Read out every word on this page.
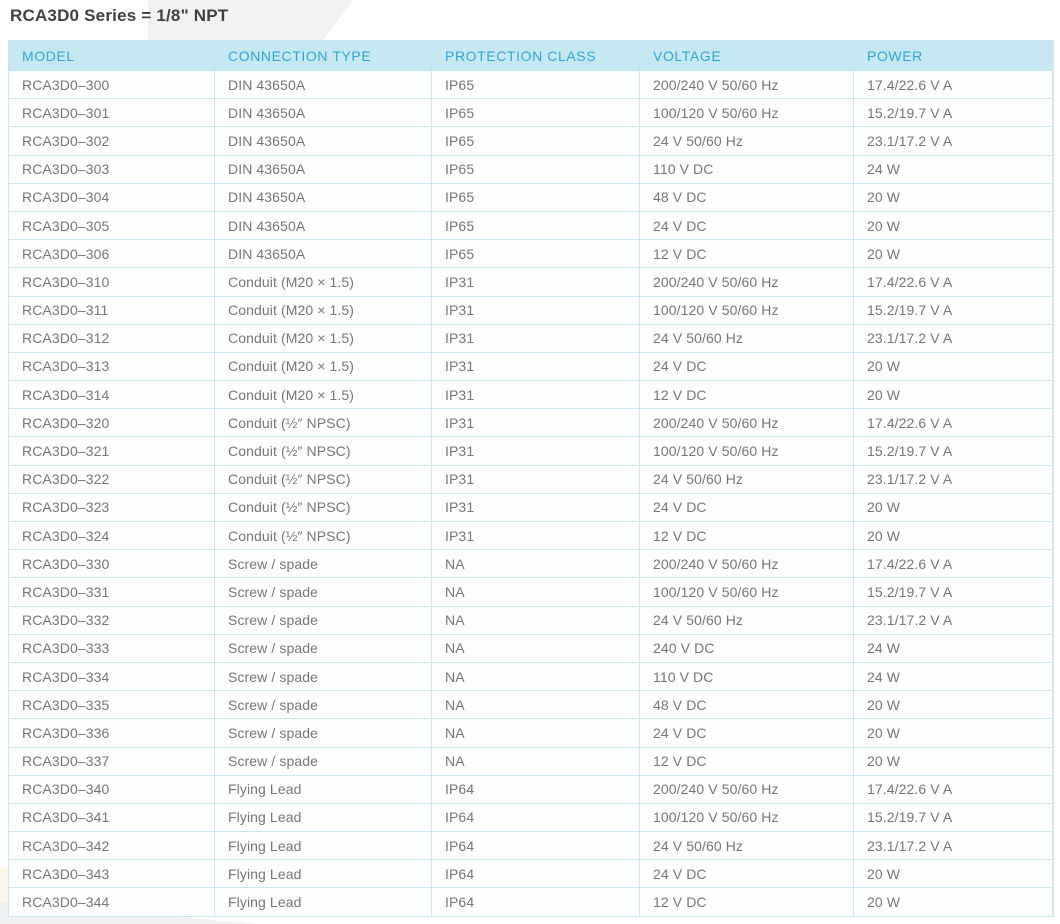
RCA3D0 Series = 1/8" NPT
MODEL	CONNECTION TYPE	PROTECTION CLASS	VOLTAGE	POWER
RCA3D0–300	DIN 43650A	IP65	200/240 V 50/60 Hz	17.4/22.6 V A
RCA3D0–301	DIN 43650A	IP65	100/120 V 50/60 Hz	15.2/19.7 V A
RCA3D0–302	DIN 43650A	IP65	24 V 50/60 Hz	23.1/17.2 V A
RCA3D0–303	DIN 43650A	IP65	110 V DC	24 W
RCA3D0–304	DIN 43650A	IP65	48 V DC	20 W
RCA3D0–305	DIN 43650A	IP65	24 V DC	20 W
RCA3D0–306	DIN 43650A	IP65	12 V DC	20 W
RCA3D0–310	Conduit (M20 × 1.5)	IP31	200/240 V 50/60 Hz	17.4/22.6 V A
RCA3D0–311	Conduit (M20 × 1.5)	IP31	100/120 V 50/60 Hz	15.2/19.7 V A
RCA3D0–312	Conduit (M20 × 1.5)	IP31	24 V 50/60 Hz	23.1/17.2 V A
RCA3D0–313	Conduit (M20 × 1.5)	IP31	24 V DC	20 W
RCA3D0–314	Conduit (M20 × 1.5)	IP31	12 V DC	20 W
RCA3D0–320	Conduit (½″ NPSC)	IP31	200/240 V 50/60 Hz	17.4/22.6 V A
RCA3D0–321	Conduit (½″ NPSC)	IP31	100/120 V 50/60 Hz	15.2/19.7 V A
RCA3D0–322	Conduit (½″ NPSC)	IP31	24 V 50/60 Hz	23.1/17.2 V A
RCA3D0–323	Conduit (½″ NPSC)	IP31	24 V DC	20 W
RCA3D0–324	Conduit (½″ NPSC)	IP31	12 V DC	20 W
RCA3D0–330	Screw / spade	NA	200/240 V 50/60 Hz	17.4/22.6 V A
RCA3D0–331	Screw / spade	NA	100/120 V 50/60 Hz	15.2/19.7 V A
RCA3D0–332	Screw / spade	NA	24 V 50/60 Hz	23.1/17.2 V A
RCA3D0–333	Screw / spade	NA	240 V DC	24 W
RCA3D0–334	Screw / spade	NA	110 V DC	24 W
RCA3D0–335	Screw / spade	NA	48 V DC	20 W
RCA3D0–336	Screw / spade	NA	24 V DC	20 W
RCA3D0–337	Screw / spade	NA	12 V DC	20 W
RCA3D0–340	Flying Lead	IP64	200/240 V 50/60 Hz	17.4/22.6 V A
RCA3D0–341	Flying Lead	IP64	100/120 V 50/60 Hz	15.2/19.7 V A
RCA3D0–342	Flying Lead	IP64	24 V 50/60 Hz	23.1/17.2 V A
RCA3D0–343	Flying Lead	IP64	24 V DC	20 W
RCA3D0–344	Flying Lead	IP64	12 V DC	20 W
